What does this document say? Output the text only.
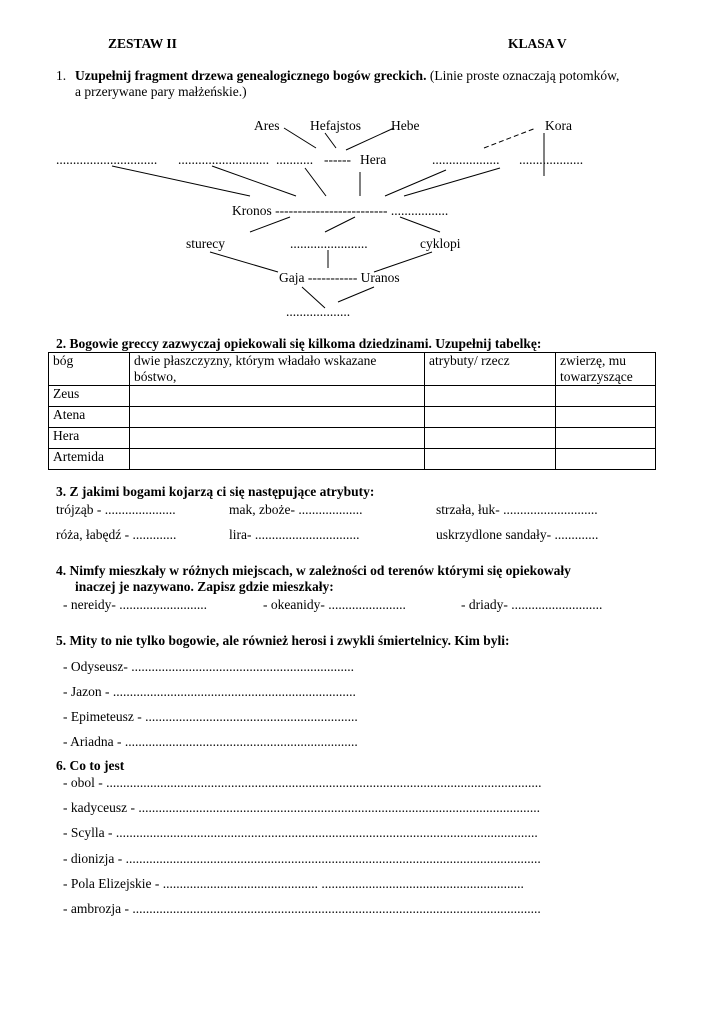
ZESTAW II	KLASA V
1. Uzupełnij fragment drzewa genealogicznego bogów greckich. (Linie proste oznaczają potomków,
a przerywane pary małżeńskie.)
Ares Hefajstos Hebe	Kora
.............................. ........................... ........... ------ Hera	.................... ...................
Kronos ------------------------- .................
sturecy	.......................	cyklopi
Gaja ----------- Uranos
...................
2. Bogowie greccy zazwyczaj opiekowali się kilkoma dziedzinami. Uzupełnij tabelkę:
bóg	dwie płaszczyzny, którym władało wskazane bóstwo,	atrybuty/ rzecz	zwierzę, mu towarzyszące
Zeus			
Atena			
Hera			
Artemida			
3. Z jakimi bogami kojarzą ci się następujące atrybuty:
trójząb - .....................	mak, zboże- ...................	strzała, łuk- ............................
róża, łabędź - .............	lira- ...............................	uskrzydlone sandały- .............
4. Nimfy mieszkały w różnych miejscach, w zależności od terenów którymi się opiekowały
inaczej je nazywano. Zapisz gdzie mieszkały:
- nereidy- ..........................	- okeanidy- .......................	- driady- ...........................
5. Mity to nie tylko bogowie, ale również herosi i zwykli śmiertelnicy. Kim byli:
- Odyseusz- ..................................................................
- Jazon - ........................................................................
- Epimeteusz - ...............................................................
- Ariadna - .....................................................................
6. Co to jest
- obol - .................................................................................................................................
- kadyceusz - .......................................................................................................................
- Scylla - .............................................................................................................................
- dionizja - ...........................................................................................................................
- Pola Elizejskie - .............................................. ............................................................
- ambrozja - .........................................................................................................................
